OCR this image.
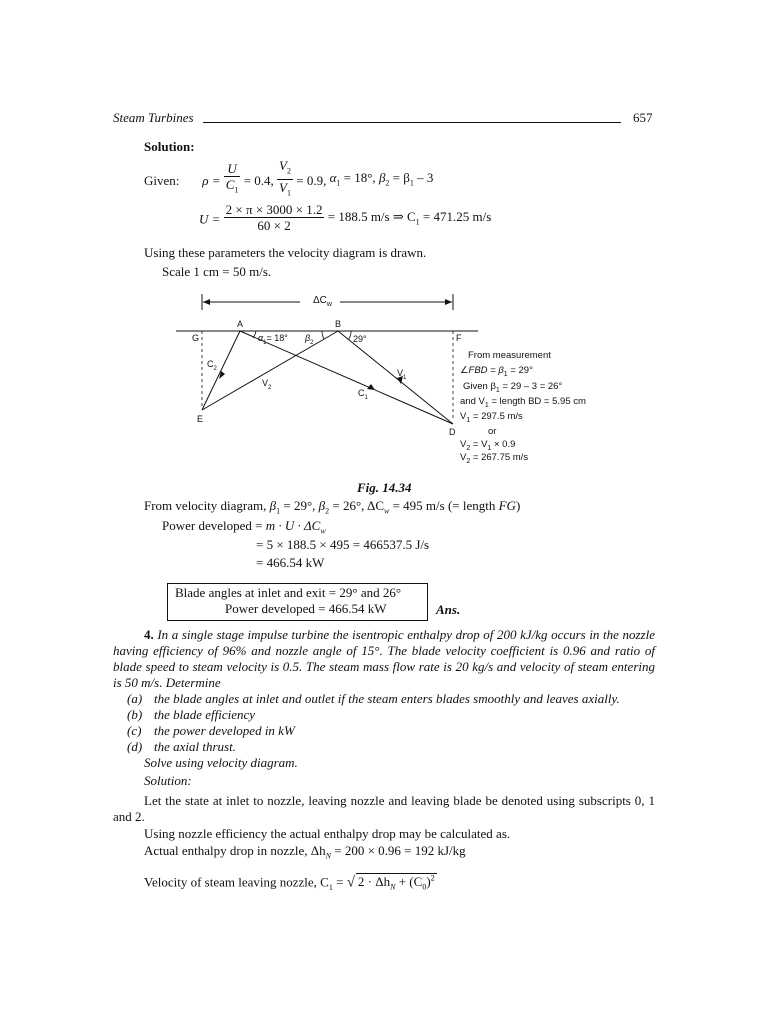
Steam Turbines	657
Solution:
Given: $\rho = \frac{U}{C_1} = 0.4$, $\frac{V_2}{V_1} = 0.9$, $\alpha_1 = 18^\circ$, $\beta_2 = \beta_1 - 3$
$U = \frac{2 \times \pi \times 3000 \times 1.2}{60 \times 2} = 188.5$ m/s ⇒ $C_1 = 471.25$ m/s
Using these parameters the velocity diagram is drawn.
Scale 1 cm = 50 m/s.
$\Delta C_w$
A	B
G	F
E
D
$\alpha_1= 18^\circ$ $\beta_2$	29°
$C_2$
$V_2$
$C_1$
$V_1$
From measurement
∠FBD = $\beta_1 = 29^\circ$
Given $\beta_1 = 29 - 3 = 26^\circ$
and $V_1$ = length BD = 5.95 cm
$V_1 = 297.5$ m/s
or
$V_2 = V_1 \times 0.9$
$V_2 = 267.75$ m/s
Fig. 14.34
From velocity diagram, $\beta_1 = 29^\circ$, $\beta_2 = 26^\circ$, $\Delta C_w = 495$ m/s (= length FG)
Power developed = $m \cdot U \cdot \Delta C_w$
= 5 × 188.5 × 495 = 466537.5 J/s
= 466.54 kW
Blade angles at inlet and exit = 29° and 26°
Power developed = 466.54 kW	Ans.
4. In a single stage impulse turbine the isentropic enthalpy drop of 200 kJ/kg occurs in the nozzle having efficiency of 96% and nozzle angle of 15°. The blade velocity coefficient is 0.96 and ratio of blade speed to steam velocity is 0.5. The steam mass flow rate is 20 kg/s and velocity of steam entering is 50 m/s. Determine
(a) the blade angles at inlet and outlet if the steam enters blades smoothly and leaves axially.
(b) the blade efficiency
(c) the power developed in kW
(d) the axial thrust.
Solve using velocity diagram.
Solution:
Let the state at inlet to nozzle, leaving nozzle and leaving blade be denoted using subscripts 0, 1 and 2.
Using nozzle efficiency the actual enthalpy drop may be calculated as.
Actual enthalpy drop in nozzle, $\Delta h_N = 200 \times 0.96 = 192$ kJ/kg
Velocity of steam leaving nozzle, $C_1$ = √ $2 \cdot \Delta h_N + (C_0)^2$
